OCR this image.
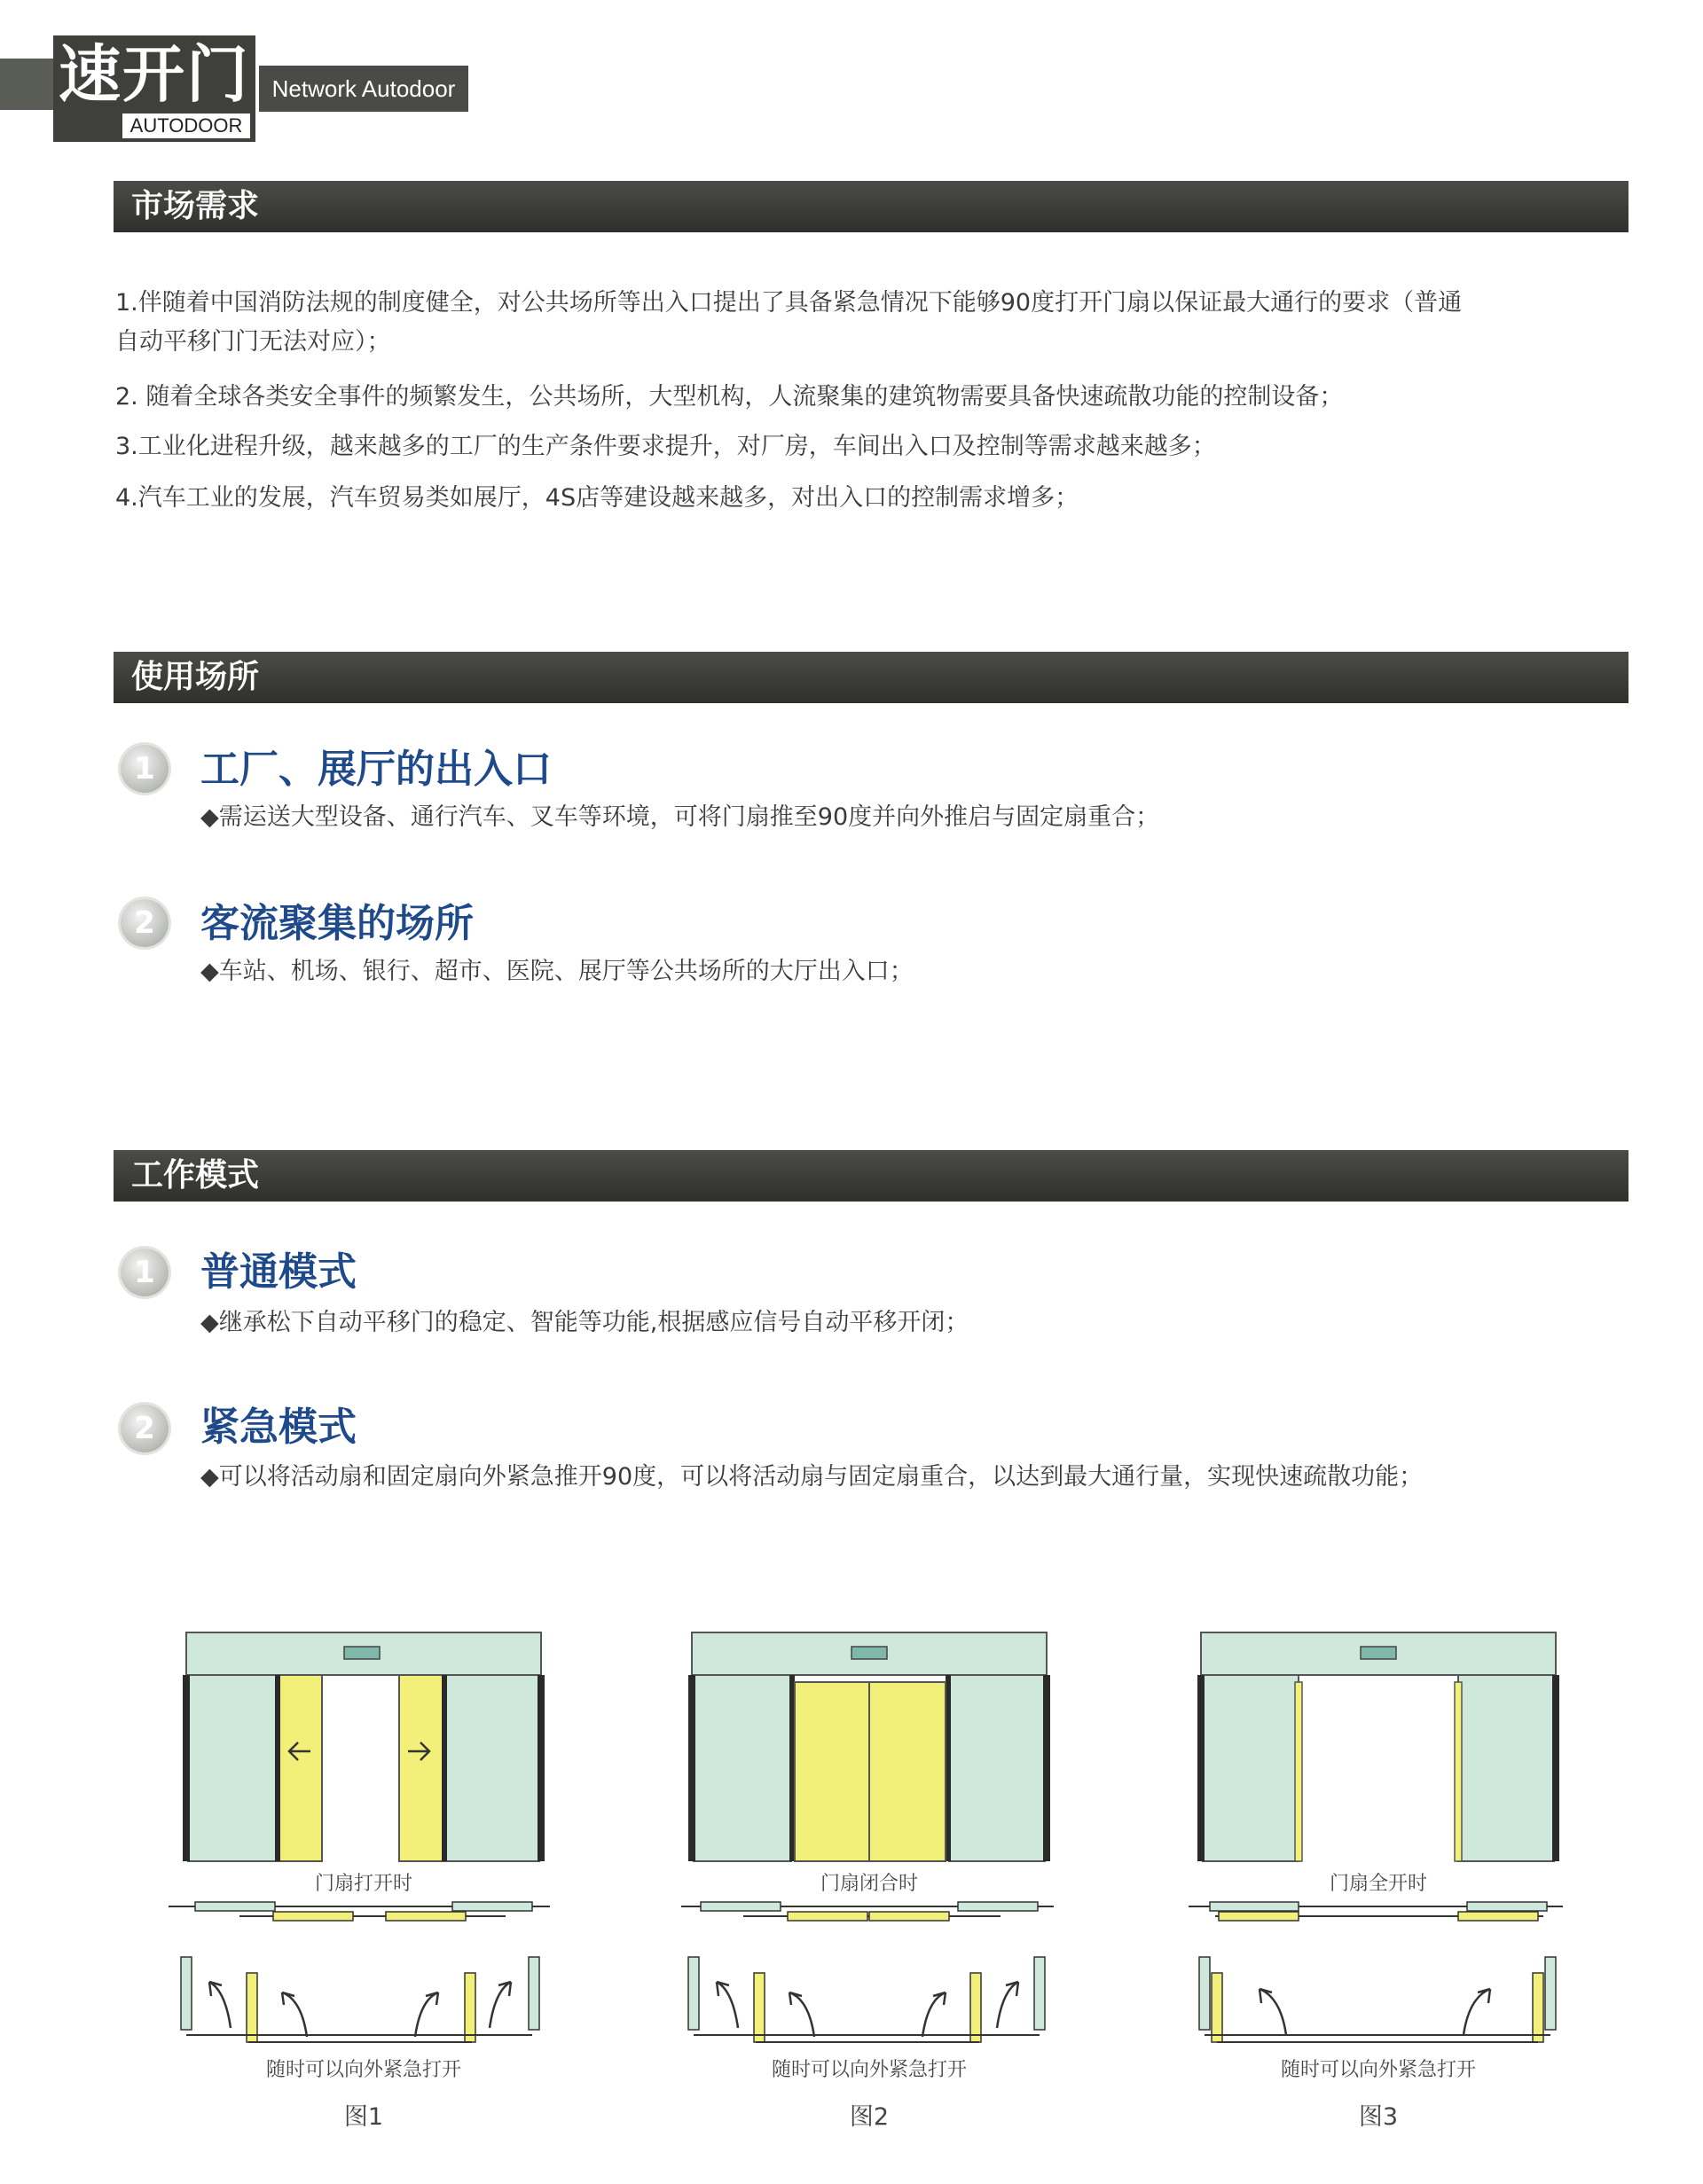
速开门
AUTODOOR
Network Autodoor
市场需求
1.伴随着中国消防法规的制度健全，对公共场所等出入口提出了具备紧急情况下能够90度打开门扇以保证最大通行的要求（普通
自动平移门门无法对应）；
2. 随着全球各类安全事件的频繁发生，公共场所，大型机构，人流聚集的建筑物需要具备快速疏散功能的控制设备；
3.工业化进程升级，越来越多的工厂的生产条件要求提升，对厂房，车间出入口及控制等需求越来越多；
4.汽车工业的发展，汽车贸易类如展厅，4S店等建设越来越多，对出入口的控制需求增多；
使用场所
1	工厂、展厅的出入口
◆需运送大型设备、通行汽车、叉车等环境，可将门扇推至90度并向外推启与固定扇重合；
2	客流聚集的场所
◆车站、机场、银行、超市、医院、展厅等公共场所的大厅出入口；
工作模式
1	普通模式
◆继承松下自动平移门的稳定、智能等功能,根据感应信号自动平移开闭；
2	紧急模式
◆可以将活动扇和固定扇向外紧急推开90度，可以将活动扇与固定扇重合，以达到最大通行量，实现快速疏散功能；
门扇打开时
随时可以向外紧急打开
图1
门扇闭合时
随时可以向外紧急打开
图2
门扇全开时
随时可以向外紧急打开
图3
